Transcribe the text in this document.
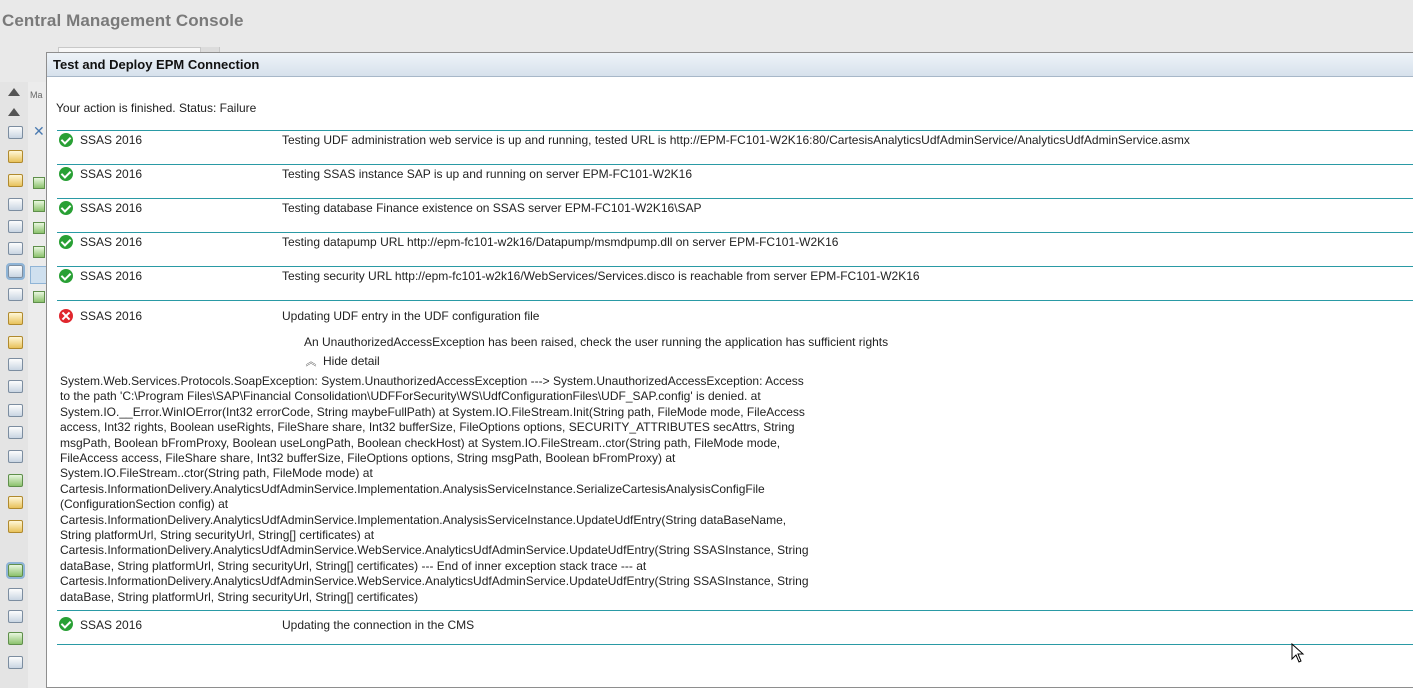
Central Management Console
Ma
✕
Test and Deploy EPM Connection
Your action is finished. Status: Failure
SSAS 2016	Testing UDF administration web service is up and running, tested URL is http://EPM-FC101-W2K16:80/CartesisAnalyticsUdfAdminService/AnalyticsUdfAdminService.asmx
SSAS 2016	Testing SSAS instance SAP is up and running on server EPM-FC101-W2K16
SSAS 2016	Testing database Finance existence on SSAS server EPM-FC101-W2K16\SAP
SSAS 2016	Testing datapump URL http://epm-fc101-w2k16/Datapump/msmdpump.dll on server EPM-FC101-W2K16
SSAS 2016	Testing security URL http://epm-fc101-w2k16/WebServices/Services.disco is reachable from server EPM-FC101-W2K16
SSAS 2016	Updating UDF entry in the UDF configuration file
An UnauthorizedAccessException has been raised, check the user running the application has sufficient rights
︽ Hide detail
System.Web.Services.Protocols.SoapException: System.UnauthorizedAccessException ---> System.UnauthorizedAccessException: Access to the path 'C:\Program Files\SAP\Financial Consolidation\UDFForSecurity\WS\UdfConfigurationFiles\UDF_SAP.config' is denied. at System.IO.__Error.WinIOError(Int32 errorCode, String maybeFullPath) at System.IO.FileStream.Init(String path, FileMode mode, FileAccess access, Int32 rights, Boolean useRights, FileShare share, Int32 bufferSize, FileOptions options, SECURITY_ATTRIBUTES secAttrs, String msgPath, Boolean bFromProxy, Boolean useLongPath, Boolean checkHost) at System.IO.FileStream..ctor(String path, FileMode mode, FileAccess access, FileShare share, Int32 bufferSize, FileOptions options, String msgPath, Boolean bFromProxy) at System.IO.FileStream..ctor(String path, FileMode mode) at Cartesis.InformationDelivery.AnalyticsUdfAdminService.Implementation.AnalysisServiceInstance.SerializeCartesisAnalysisConfigFile (ConfigurationSection config) at Cartesis.InformationDelivery.AnalyticsUdfAdminService.Implementation.AnalysisServiceInstance.UpdateUdfEntry(String dataBaseName, String platformUrl, String securityUrl, String[] certificates) at Cartesis.InformationDelivery.AnalyticsUdfAdminService.WebService.AnalyticsUdfAdminService.UpdateUdfEntry(String SSASInstance, String dataBase, String platformUrl, String securityUrl, String[] certificates) --- End of inner exception stack trace --- at Cartesis.InformationDelivery.AnalyticsUdfAdminService.WebService.AnalyticsUdfAdminService.UpdateUdfEntry(String SSASInstance, String dataBase, String platformUrl, String securityUrl, String[] certificates)
SSAS 2016	Updating the connection in the CMS
